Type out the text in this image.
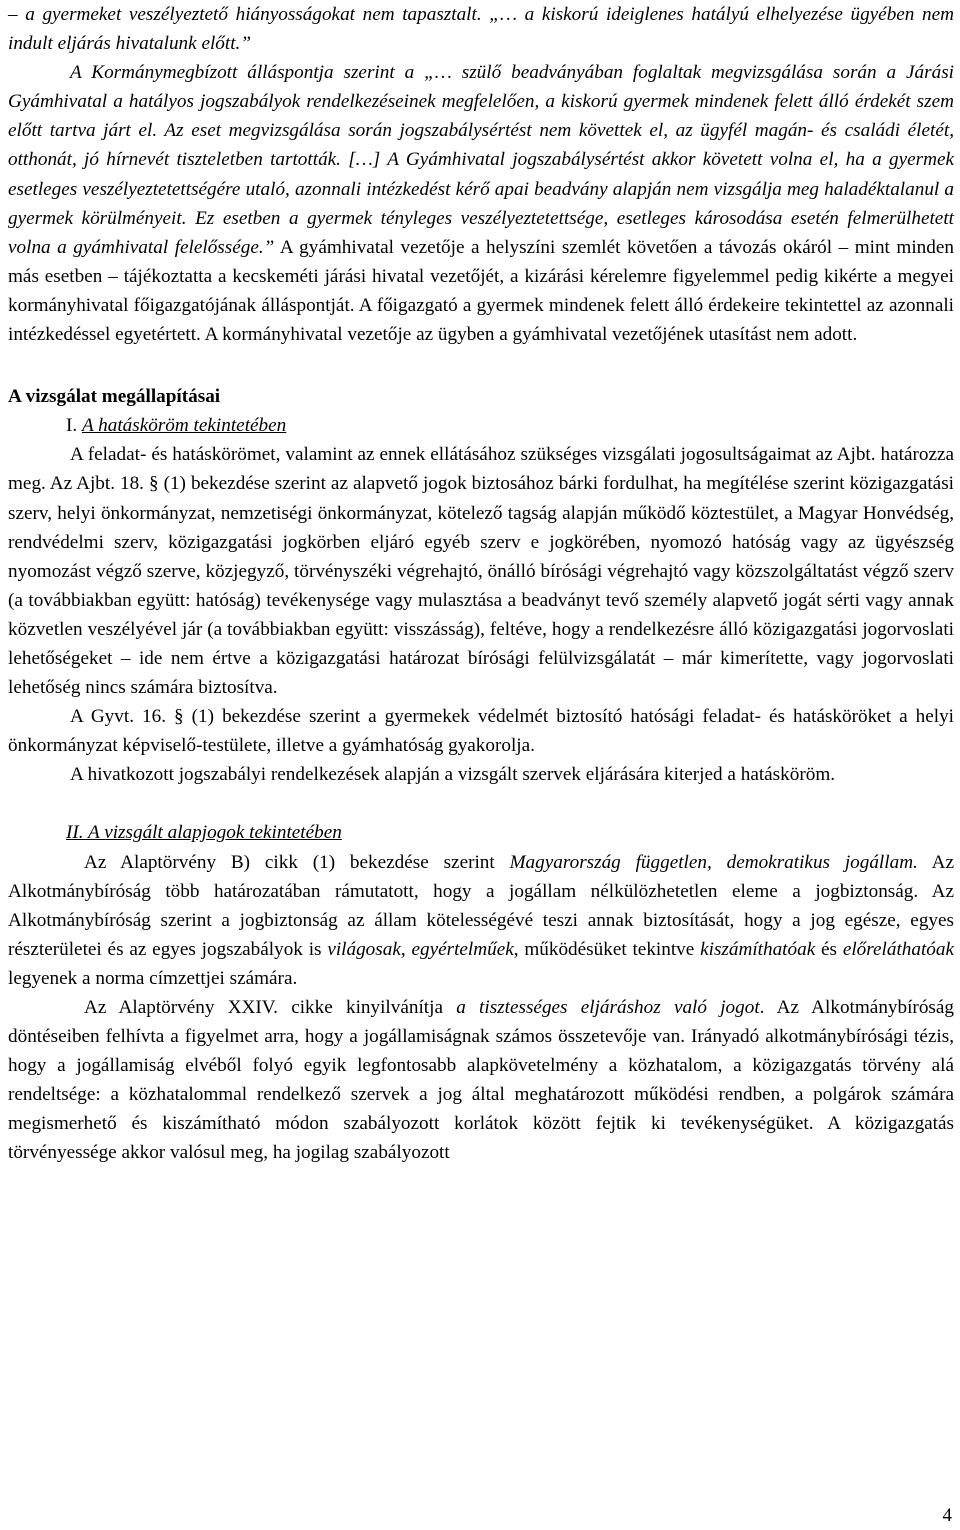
– a gyermeket veszélyeztető hiányosságokat nem tapasztalt. „… a kiskorú ideiglenes hatályú elhelyezése ügyében nem indult eljárás hivatalunk előtt.”

A Kormánymegbízott álláspontja szerint a „… szülő beadványában foglaltak megvizsgálása során a Járási Gyámhivatal a hatályos jogszabályok rendelkezéseinek megfelelően, a kiskorú gyermek mindenek felett álló érdekét szem előtt tartva járt el. Az eset megvizsgálása során jogszabálysértést nem követtek el, az ügyfél magán- és családi életét, otthonát, jó hírnevét tiszteletben tartották. […] A Gyámhivatal jogszabálysértést akkor követett volna el, ha a gyermek esetleges veszélyeztetettségére utaló, azonnali intézkedést kérő apai beadvány alapján nem vizsgálja meg haladéktalanul a gyermek körülményeit. Ez esetben a gyermek tényleges veszélyeztetettsége, esetleges károsodása esetén felmerülhetett volna a gyámhivatal felelőssége.” A gyámhivatal vezetője a helyszíni szemlét követően a távozás okáról – mint minden más esetben – tájékoztatta a kecskeméti járási hivatal vezetőjét, a kizárási kérelemre figyelemmel pedig kikérte a megyei kormányhivatal főigazgatójának álláspontját. A főigazgató a gyermek mindenek felett álló érdekeire tekintettel az azonnali intézkedéssel egyetértett. A kormányhivatal vezetője az ügyben a gyámhivatal vezetőjének utasítást nem adott.

A vizsgálat megállapításai

I. A hatásköröm tekintetében

A feladat- és hatáskörömet, valamint az ennek ellátásához szükséges vizsgálati jogosultságaimat az Ajbt. határozza meg. Az Ajbt. 18. § (1) bekezdése szerint az alapvető jogok biztosához bárki fordulhat, ha megítélése szerint közigazgatási szerv, helyi önkormányzat, nemzetiségi önkormányzat, kötelező tagság alapján működő köztestület, a Magyar Honvédség, rendvédelmi szerv, közigazgatási jogkörben eljáró egyéb szerv e jogkörében, nyomozó hatóság vagy az ügyészség nyomozást végző szerve, közjegyző, törvényszéki végrehajtó, önálló bírósági végrehajtó vagy közszolgáltatást végző szerv (a továbbiakban együtt: hatóság) tevékenysége vagy mulasztása a beadványt tevő személy alapvető jogát sérti vagy annak közvetlen veszélyével jár (a továbbiakban együtt: visszásság), feltéve, hogy a rendelkezésre álló közigazgatási jogorvoslati lehetőségeket – ide nem értve a közigazgatási határozat bírósági felülvizsgálatát – már kimerítette, vagy jogorvoslati lehetőség nincs számára biztosítva.

A Gyvt. 16. § (1) bekezdése szerint a gyermekek védelmét biztosító hatósági feladat- és hatásköröket a helyi önkormányzat képviselő-testülete, illetve a gyámhatóság gyakorolja.

A hivatkozott jogszabályi rendelkezések alapján a vizsgált szervek eljárására kiterjed a hatásköröm.

II. A vizsgált alapjogok tekintetében

Az Alaptörvény B) cikk (1) bekezdése szerint Magyarország független, demokratikus jogállam. Az Alkotmánybíróság több határozatában rámutatott, hogy a jogállam nélkülözhetetlen eleme a jogbiztonság. Az Alkotmánybíróság szerint a jogbiztonság az állam kötelességévé teszi annak biztosítását, hogy a jog egésze, egyes részterületei és az egyes jogszabályok is világosak, egyértelműek, működésüket tekintve kiszámíthatóak és előreláthatóak legyenek a norma címzettjei számára.

Az Alaptörvény XXIV. cikke kinyilvánítja a tisztességes eljáráshoz való jogot. Az Alkotmánybíróság döntéseiben felhívta a figyelmet arra, hogy a jogállamiságnak számos összetevője van. Irányadó alkotmánybírósági tézis, hogy a jogállamiság elvéből folyó egyik legfontosabb alapkövetelmény a közhatalom, a közigazgatás törvény alá rendeltsége: a közhatalommal rendelkező szervek a jog által meghatározott működési rendben, a polgárok számára megismerhető és kiszámítható módon szabályozott korlátok között fejtik ki tevékenységüket. A közigazgatás törvényessége akkor valósul meg, ha jogilag szabályozott

4
